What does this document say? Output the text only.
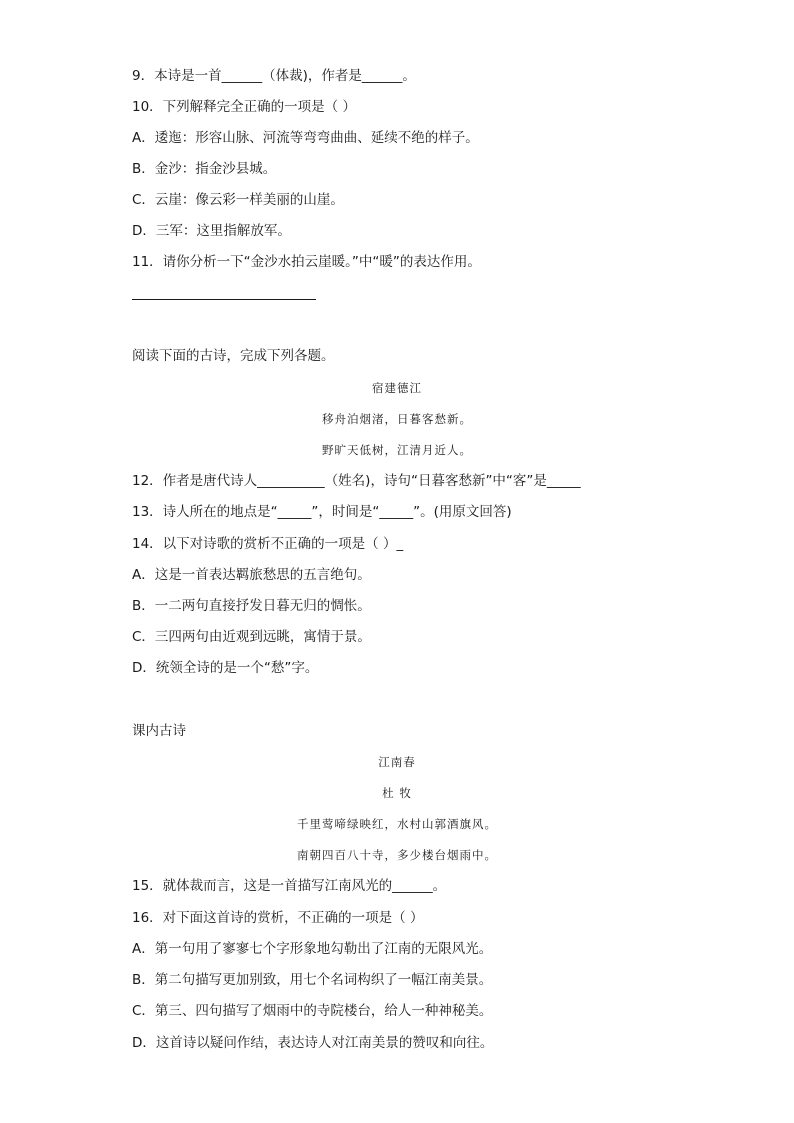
9．本诗是一首______（体裁)，作者是______。
10．下列解释完全正确的一项是（ ）
A．逶迤：形容山脉、河流等弯弯曲曲、延续不绝的样子。
B．金沙：指金沙县城。
C．云崖：像云彩一样美丽的山崖。
D．三军：这里指解放军。
11．请你分析一下“金沙水拍云崖暖。”中“暖”的表达作用。
阅读下面的古诗，完成下列各题。
宿建德江
移舟泊烟渚，日暮客愁新。
野旷天低树，江清月近人。
12．作者是唐代诗人__________（姓名)，诗句“日暮客愁新”中“客”是_____
13．诗人所在的地点是“_____”，时间是“_____”。(用原文回答)
14．以下对诗歌的赏析不正确的一项是（ ）_
A．这是一首表达羁旅愁思的五言绝句。
B．一二两句直接抒发日暮无归的惆怅。
C．三四两句由近观到远眺，寓情于景。
D．统领全诗的是一个“愁”字。
课内古诗
江南春
杜 牧
千里莺啼绿映红，水村山郭酒旗风。
南朝四百八十寺，多少楼台烟雨中。
15．就体裁而言，这是一首描写江南风光的______。
16．对下面这首诗的赏析，不正确的一项是（ ）
A．第一句用了寥寥七个字形象地勾勒出了江南的无限风光。
B．第二句描写更加别致，用七个名词构织了一幅江南美景。
C．第三、四句描写了烟雨中的寺院楼台，给人一种神秘美。
D．这首诗以疑问作结，表达诗人对江南美景的赞叹和向往。
